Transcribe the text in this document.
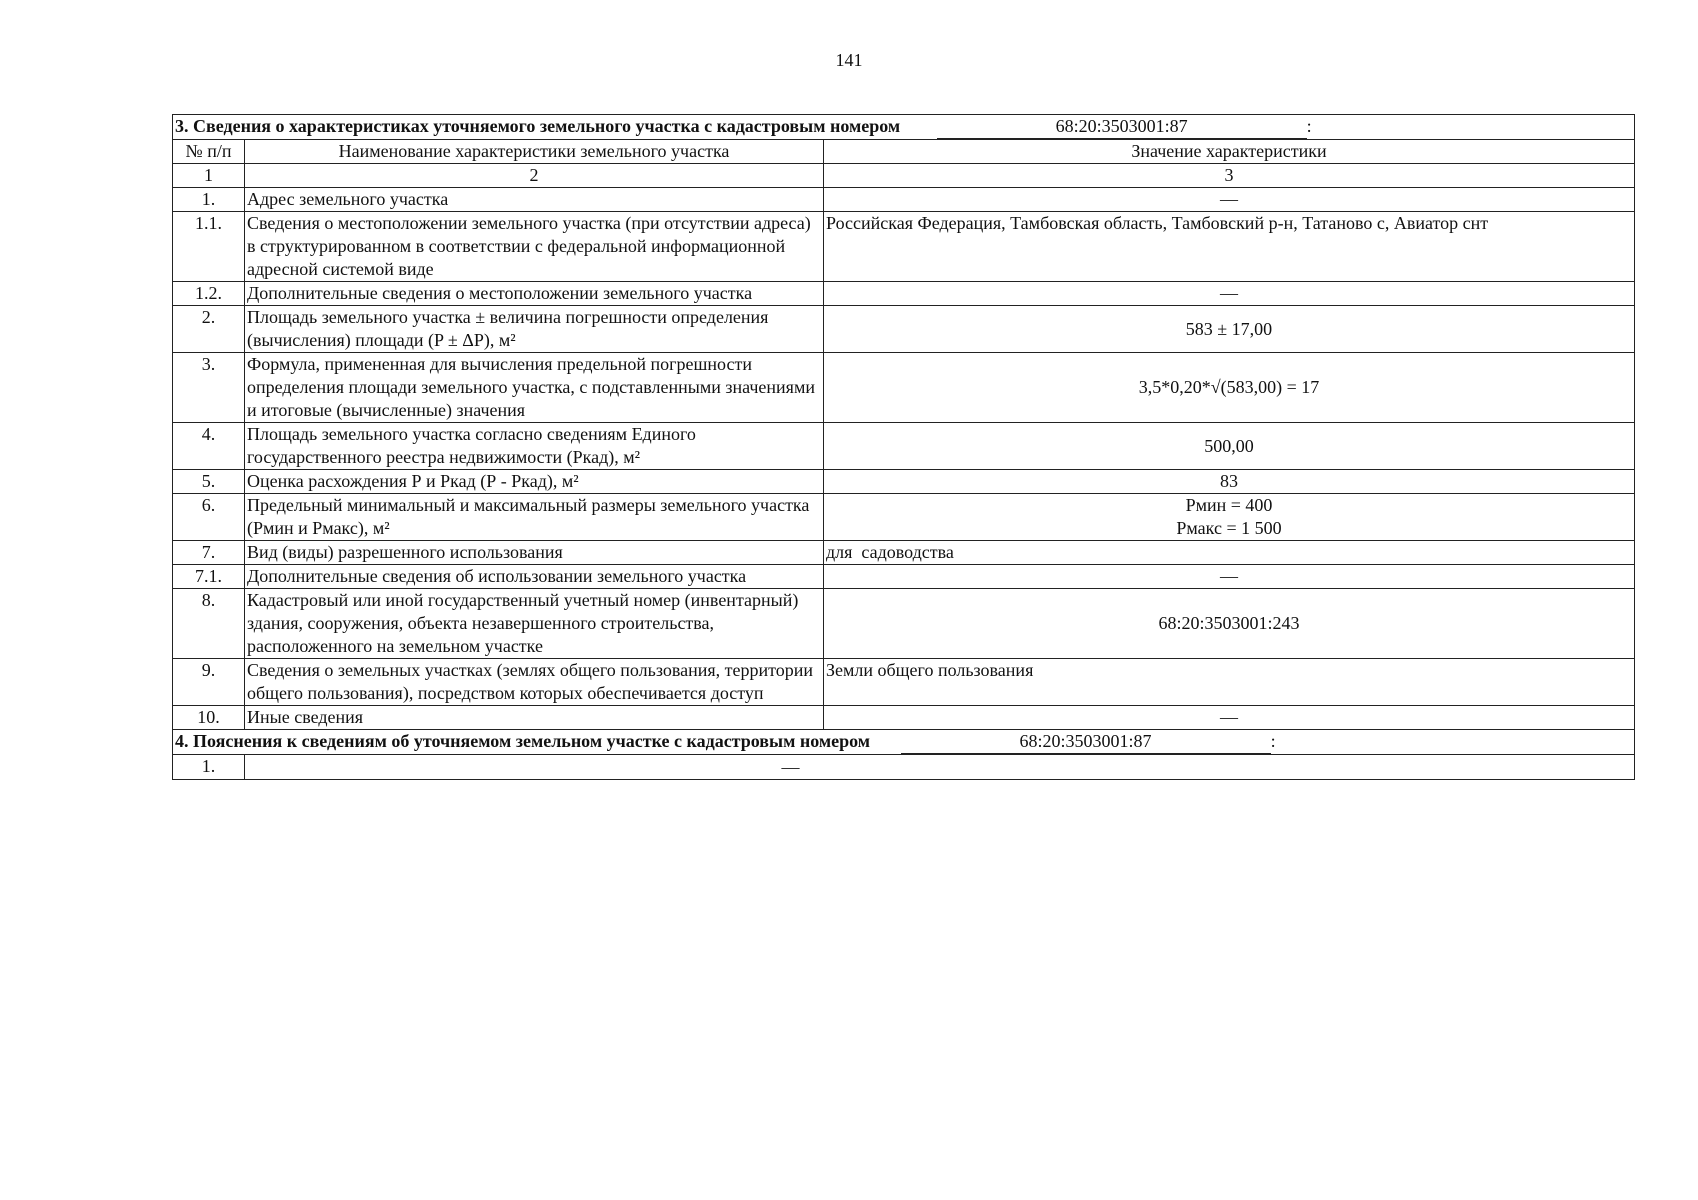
141
3. Сведения о характеристиках уточняемого земельного участка с кадастровым номером 68:20:3503001:87 :		
№ п/п	Наименование характеристики земельного участка	Значение характеристики
1	2	3
1.	Адрес земельного участка	—
1.1.	Сведения о местоположении земельного участка (при отсутствии адреса) в структурированном в соответствии с федеральной информационной адресной системой виде	Российская Федерация, Тамбовская область, Тамбовский р-н, Татаново с, Авиатор снт
1.2.	Дополнительные сведения о местоположении земельного участка	—
2.	Площадь земельного участка ± величина погрешности определения (вычисления) площади (P ± ΔP), м²	583 ± 17,00
3.	Формула, примененная для вычисления предельной погрешности определения площади земельного участка, с подставленными значениями и итоговые (вычисленные) значения	3,5*0,20*√(583,00) = 17
4.	Площадь земельного участка согласно сведениям Единого государственного реестра недвижимости (Ркад), м²	500,00
5.	Оценка расхождения Р и Ркад (Р - Ркад), м²	83
6.	Предельный минимальный и максимальный размеры земельного участка (Рмин и Рмакс), м²	Рмин = 400
Рмакс = 1 500

7.	Вид (виды) разрешенного использования	для  садоводства
7.1.	Дополнительные сведения об использовании земельного участка	—
8.	Кадастровый или иной государственный учетный номер (инвентарный) здания, сооружения, объекта незавершенного строительства, расположенного на земельном участке	68:20:3503001:243
9.	Сведения о земельных участках (землях общего пользования, территории общего пользования), посредством которых обеспечивается доступ	Земли общего пользования
10.	Иные сведения	—
4. Пояснения к сведениям об уточняемом земельном участке с кадастровым номером 68:20:3503001:87 :		
1.	—	
